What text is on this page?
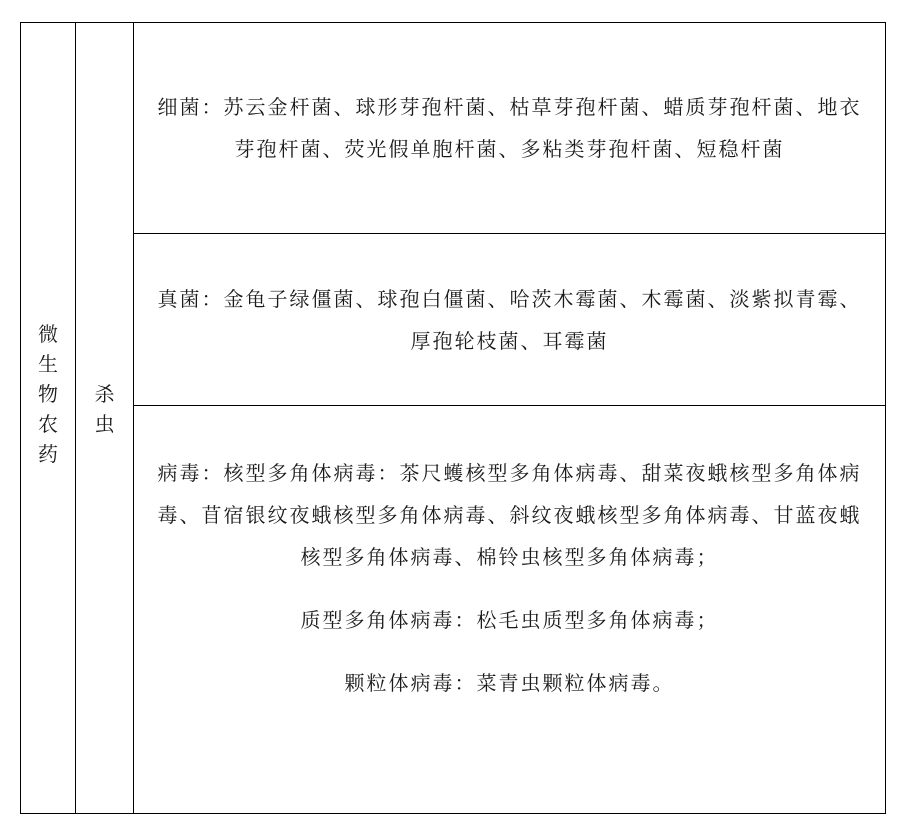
微
生
物
农
药
杀
虫
细菌：苏云金杆菌、球形芽孢杆菌、枯草芽孢杆菌、蜡质芽孢杆菌、地衣芽孢杆菌、荧光假单胞杆菌、多粘类芽孢杆菌、短稳杆菌
真菌：金龟子绿僵菌、球孢白僵菌、哈茨木霉菌、木霉菌、淡紫拟青霉、厚孢轮枝菌、耳霉菌
病毒：核型多角体病毒：茶尺蠖核型多角体病毒、甜菜夜蛾核型多角体病毒、苜宿银纹夜蛾核型多角体病毒、斜纹夜蛾核型多角体病毒、甘蓝夜蛾核型多角体病毒、棉铃虫核型多角体病毒；
质型多角体病毒：松毛虫质型多角体病毒；
颗粒体病毒：菜青虫颗粒体病毒。
